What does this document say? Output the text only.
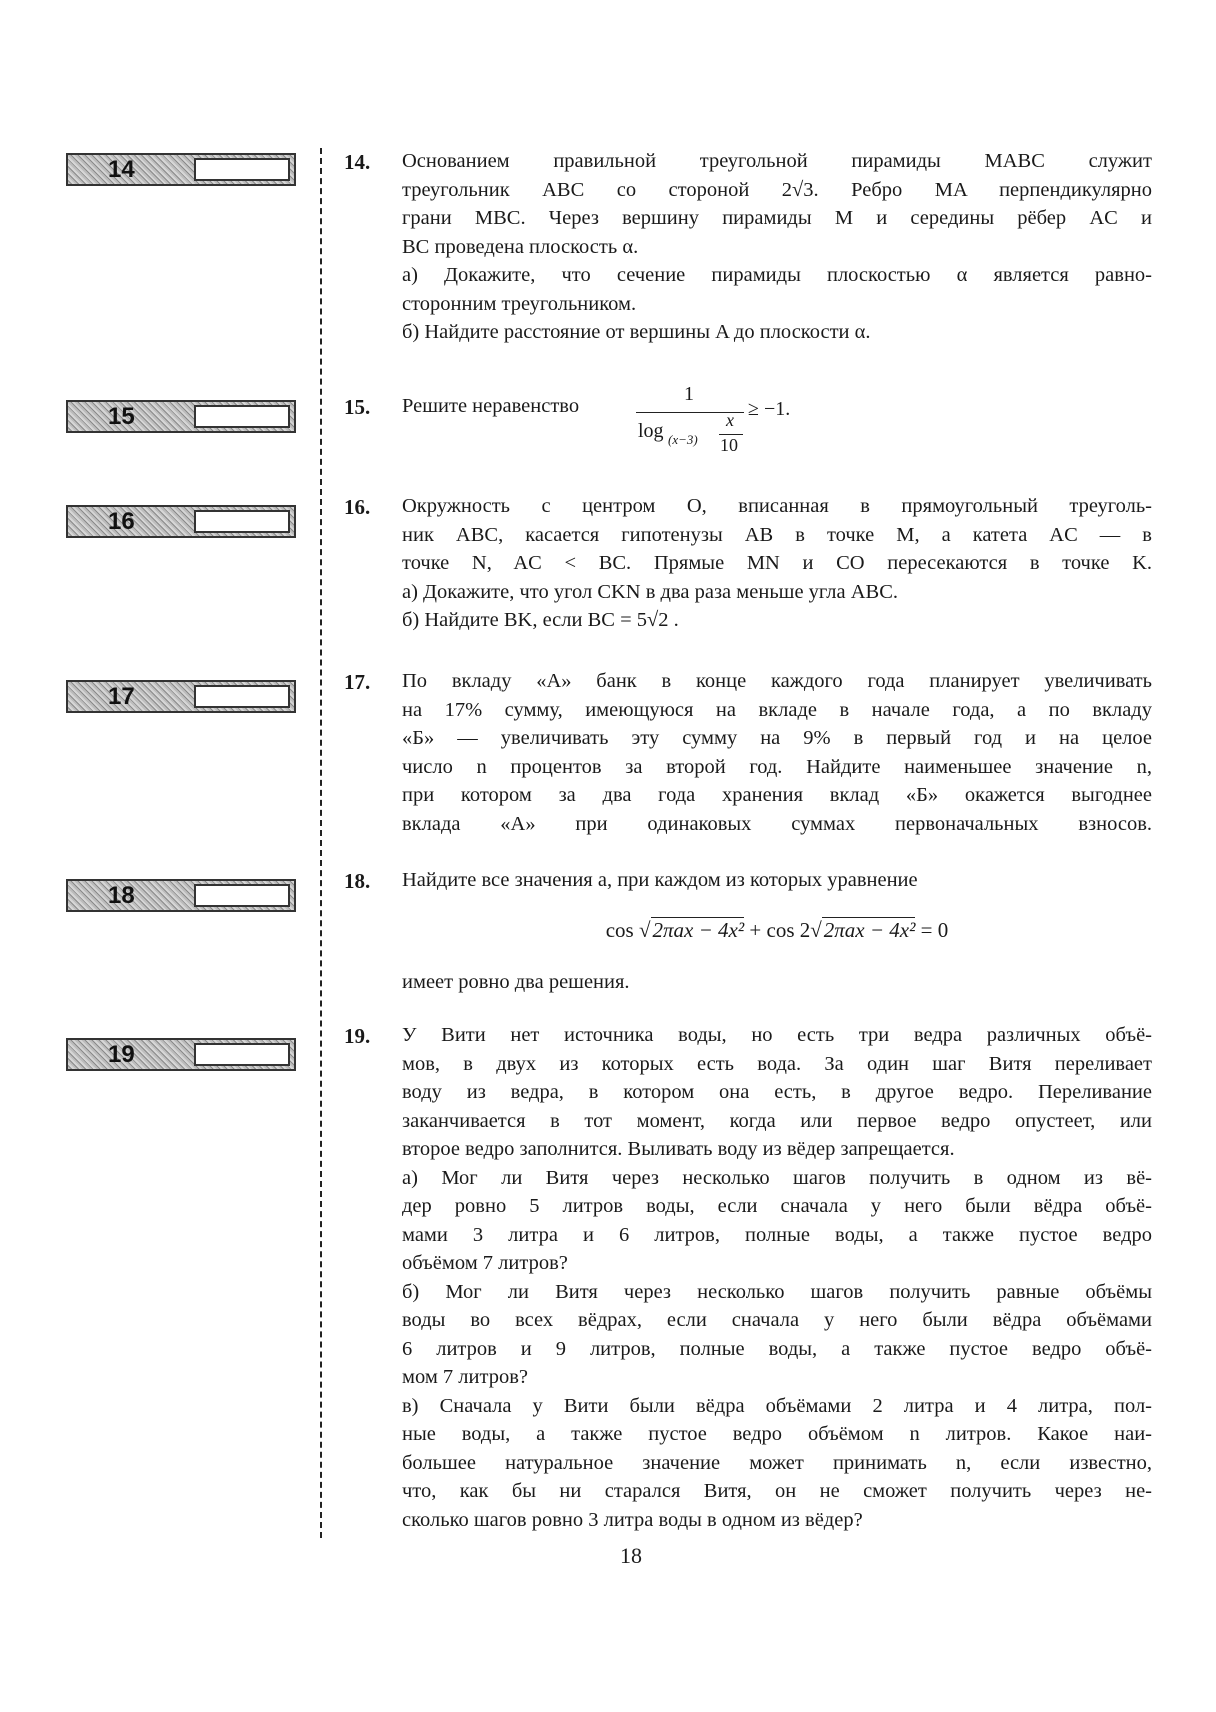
14
15
16
17
18
19
14.
15.
16.
17.
18.
19.
Основанием правильной треугольной пирамиды MABC служит
треугольник ABC со стороной 2√3. Ребро MA перпендикулярно
грани MBC. Через вершину пирамиды M и середины рёбер AC и
BC проведена плоскость α.
а) Докажите, что сечение пирамиды плоскостью α является равно-
сторонним треугольником.
б) Найдите расстояние от вершины A до плоскости α.
Решите неравенство
Окружность с центром O, вписанная в прямоугольный треуголь-
ник ABC, касается гипотенузы AB в точке M, а катета AC — в
точке N, AC < BC. Прямые MN и CO пересекаются в точке K.
а) Докажите, что угол CKN в два раза меньше угла ABC.
б) Найдите BK, если BC = 5√2 .
По вкладу «А» банк в конце каждого года планирует увеличивать
на 17% сумму, имеющуюся на вкладе в начале года, а по вкладу
«Б» — увеличивать эту сумму на 9% в первый год и на целое
число n процентов за второй год. Найдите наименьшее значение n,
при котором за два года хранения вклад «Б» окажется выгоднее
вклада «А» при одинаковых суммах первоначальных взносов.
Найдите все значения a, при каждом из которых уравнение
У Вити нет источника воды, но есть три ведра различных объё-
мов, в двух из которых есть вода. За один шаг Витя переливает
воду из ведра, в котором она есть, в другое ведро. Переливание
заканчивается в тот момент, когда или первое ведро опустеет, или
второе ведро заполнится. Выливать воду из вёдер запрещается.
а) Мог ли Витя через несколько шагов получить в одном из вё-
дер ровно 5 литров воды, если сначала у него были вёдра объё-
мами 3 литра и 6 литров, полные воды, а также пустое ведро
объёмом 7 литров?
б) Мог ли Витя через несколько шагов получить равные объёмы
воды во всех вёдрах, если сначала у него были вёдра объёмами
6 литров и 9 литров, полные воды, а также пустое ведро объё-
мом 7 литров?
в) Сначала у Вити были вёдра объёмами 2 литра и 4 литра, пол-
ные воды, а также пустое ведро объёмом n литров. Какое наи-
большее натуральное значение может принимать n, если известно,
что, как бы ни старался Витя, он не сможет получить через не-
сколько шагов ровно 3 литра воды в одном из вёдер?
1
log (x−3)
x
10
≥ −1.
cos √2πax − 4x² + cos 2√2πax − 4x² = 0
имеет ровно два решения.
18
